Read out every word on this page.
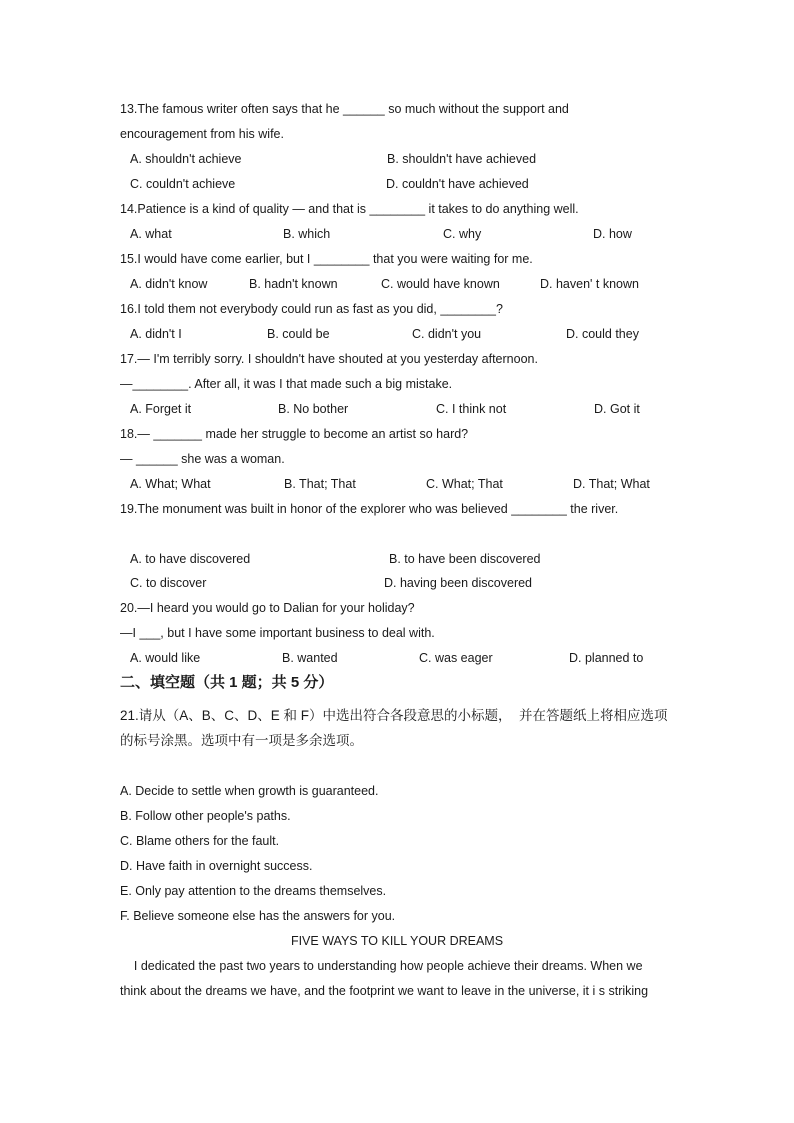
13.The famous writer often says that he ______ so much without the support and
encouragement from his wife.
A. shouldn't achieve	B. shouldn't have achieved
C. couldn't achieve	D. couldn't have achieved
14.Patience is a kind of quality — and that is ________ it takes to do anything well.
A. what	B. which	C. why	D. how
15.I would have come earlier, but I ________ that you were waiting for me.
A. didn't know	B. hadn't known	C. would have known	D. haven' t known
16.I told them not everybody could run as fast as you did, ________?
A. didn't I	B. could be	C. didn't you	D. could they
17.— I'm terribly sorry. I shouldn't have shouted at you yesterday afternoon.
—________. After all, it was I that made such a big mistake.
A. Forget it	B. No bother	C. I think not	D. Got it
18.— _______ made her struggle to become an artist so hard?
— ______ she was a woman.
A. What; What	B. That; That	C. What; That	D. That; What
19.The monument was built in honor of the explorer who was believed ________ the river.
A. to have discovered	B. to have been discovered
C. to discover	D. having been discovered
20.—I heard you would go to Dalian for your holiday?
—I ___, but I have some important business to deal with.
A. would like	B. wanted	C. was eager	D. planned to
二、填空题（共 1 题；共 5 分）
21.请从（A、B、C、D、E 和 F）中选出符合各段意思的小标题，  并在答题纸上将相应选项
的标号涂黑。选项中有一项是多余选项。
A. Decide to settle when growth is guaranteed.
B. Follow other people's paths.
C. Blame others for the fault.
D. Have faith in overnight success.
E. Only pay attention to the dreams themselves.
F. Believe someone else has the answers for you.
FIVE WAYS TO KILL YOUR DREAMS
I dedicated the past two years to understanding how people achieve their dreams. When we
think about the dreams we have, and the footprint we want to leave in the universe, it i s striking
